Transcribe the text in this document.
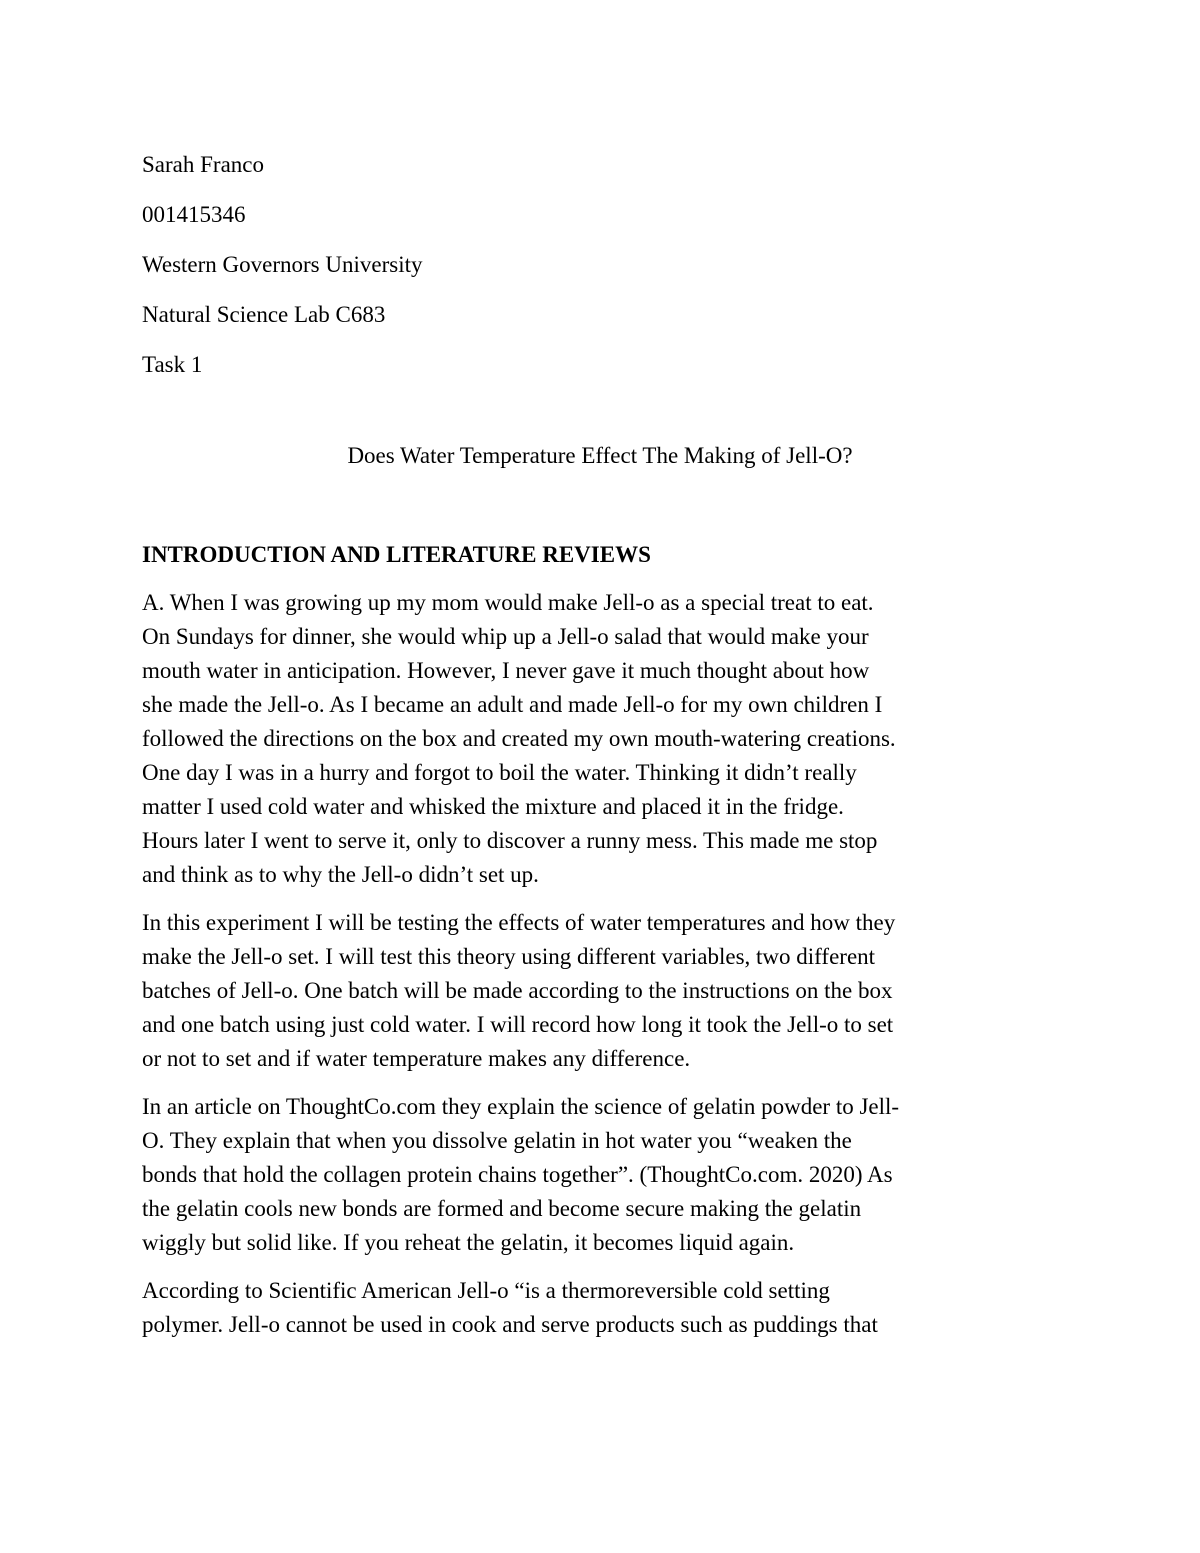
Sarah Franco
001415346
Western Governors University
Natural Science Lab C683
Task 1
Does Water Temperature Effect The Making of Jell-O?
INTRODUCTION AND LITERATURE REVIEWS
A. When I was growing up my mom would make Jell-o as a special treat to eat.
On Sundays for dinner, she would whip up a Jell-o salad that would make your
mouth water in anticipation. However, I never gave it much thought about how
she made the Jell-o. As I became an adult and made Jell-o for my own children I
followed the directions on the box and created my own mouth-watering creations.
One day I was in a hurry and forgot to boil the water. Thinking it didn’t really
matter I used cold water and whisked the mixture and placed it in the fridge.
Hours later I went to serve it, only to discover a runny mess. This made me stop
and think as to why the Jell-o didn’t set up.
In this experiment I will be testing the effects of water temperatures and how they
make the Jell-o set. I will test this theory using different variables, two different
batches of Jell-o. One batch will be made according to the instructions on the box
and one batch using just cold water. I will record how long it took the Jell-o to set
or not to set and if water temperature makes any difference.
In an article on ThoughtCo.com they explain the science of gelatin powder to Jell-
O. They explain that when you dissolve gelatin in hot water you “weaken the
bonds that hold the collagen protein chains together”. (ThoughtCo.com. 2020) As
the gelatin cools new bonds are formed and become secure making the gelatin
wiggly but solid like. If you reheat the gelatin, it becomes liquid again.
According to Scientific American Jell-o “is a thermoreversible cold setting
polymer. Jell-o cannot be used in cook and serve products such as puddings that
